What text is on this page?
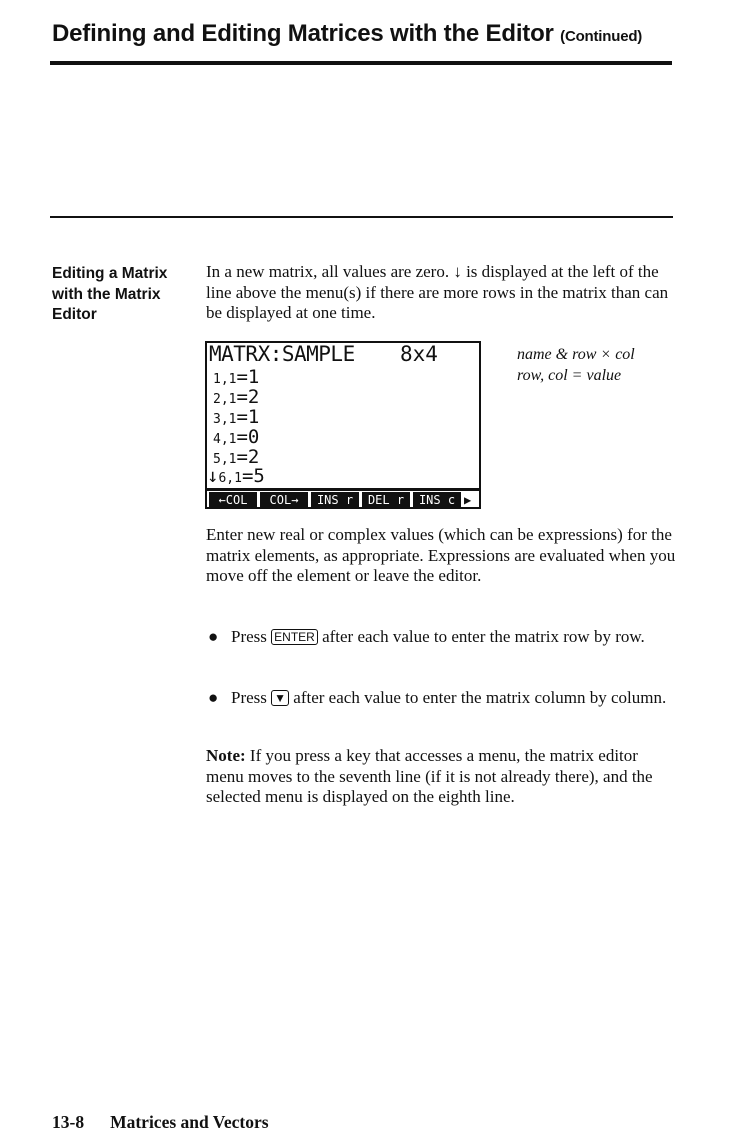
Defining and Editing Matrices with the Editor (Continued)
Editing a Matrix
with the Matrix
Editor
In a new matrix, all values are zero. ↓ is displayed at the left of the line above the menu(s) if there are more rows in the matrix than can be displayed at one time.
MATRX:SAMPLE 8x4
1,1=1
2,1=2
3,1=1
4,1=0
5,1=2
↓6,1=5
←COL	COL→	INS r	DEL r	INS c ▶
name & row × col
row, col = value
Enter new real or complex values (which can be expressions) for the matrix elements, as appropriate. Expressions are evaluated when you move off the element or leave the editor.
● Press ENTER after each value to enter the matrix row by row.
● Press ▼ after each value to enter the matrix column by column.
Note: If you press a key that accesses a menu, the matrix editor menu moves to the seventh line (if it is not already there), and the selected menu is displayed on the eighth line.
13-8 Matrices and Vectors
